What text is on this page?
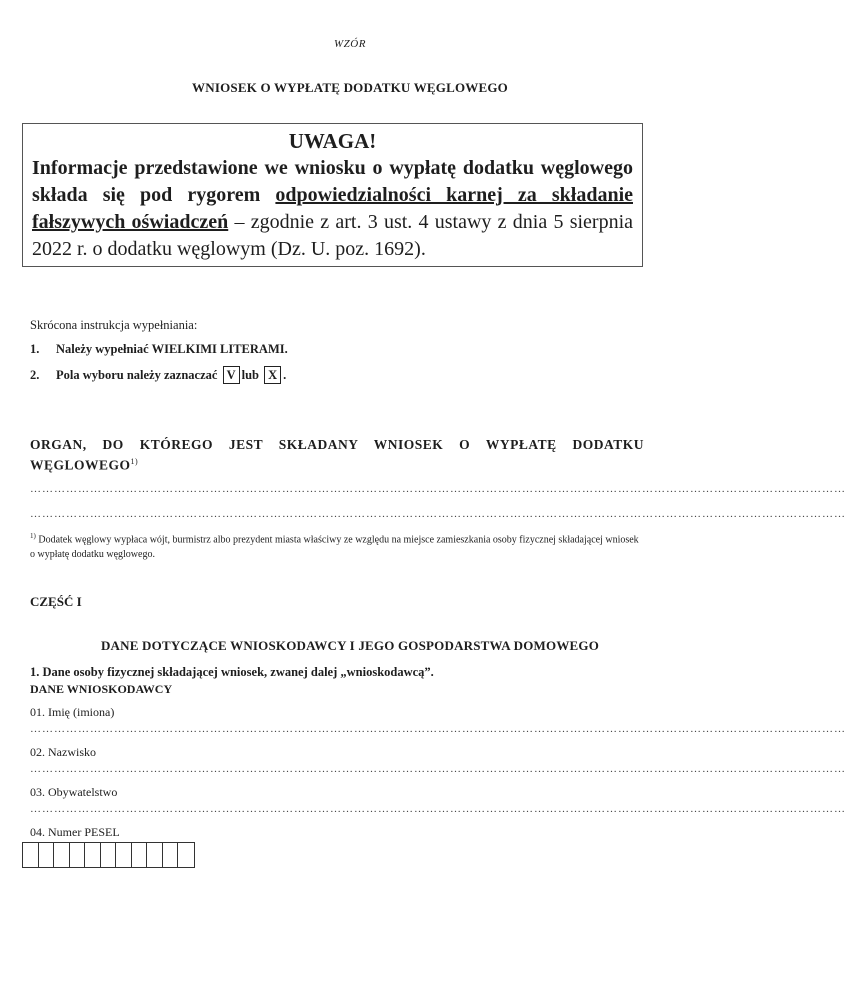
WZÓR
WNIOSEK O WYPŁATĘ DODATKU WĘGLOWEGO
UWAGA!
Informacje przedstawione we wniosku o wypłatę dodatku węglowego składa się pod rygorem odpowiedzialności karnej za składanie fałszywych oświadczeń – zgodnie z art. 3 ust. 4 ustawy z dnia 5 sierpnia 2022 r. o dodatku węglowym (Dz. U. poz. 1692).
Skrócona instrukcja wypełniania:
1. Należy wypełniać WIELKIMI LITERAMI.
2. Pola wyboru należy zaznaczać V lub X .
ORGAN, DO KTÓREGO JEST SKŁADANY WNIOSEK O WYPŁATĘ DODATKU WĘGLOWEGO$^{1)}$
……………………………………………………………………………………………………………………………………………………………………………………
……………………………………………………………………………………………………………………………………………………………………………………
$^{1)}$ Dodatek węglowy wypłaca wójt, burmistrz albo prezydent miasta właściwy ze względu na miejsce zamieszkania osoby fizycznej składającej wniosek o wypłatę dodatku węglowego.
CZĘŚĆ I
DANE DOTYCZĄCE WNIOSKODAWCY I JEGO GOSPODARSTWA DOMOWEGO
1. Dane osoby fizycznej składającej wniosek, zwanej dalej „wnioskodawcą”.
DANE WNIOSKODAWCY
01. Imię (imiona)
……………………………………………………………………………………………………………………………………………………………………………………
02. Nazwisko
……………………………………………………………………………………………………………………………………………………………………………………
03. Obywatelstwo
……………………………………………………………………………………………………………………………………………………………………………………
04. Numer PESEL
